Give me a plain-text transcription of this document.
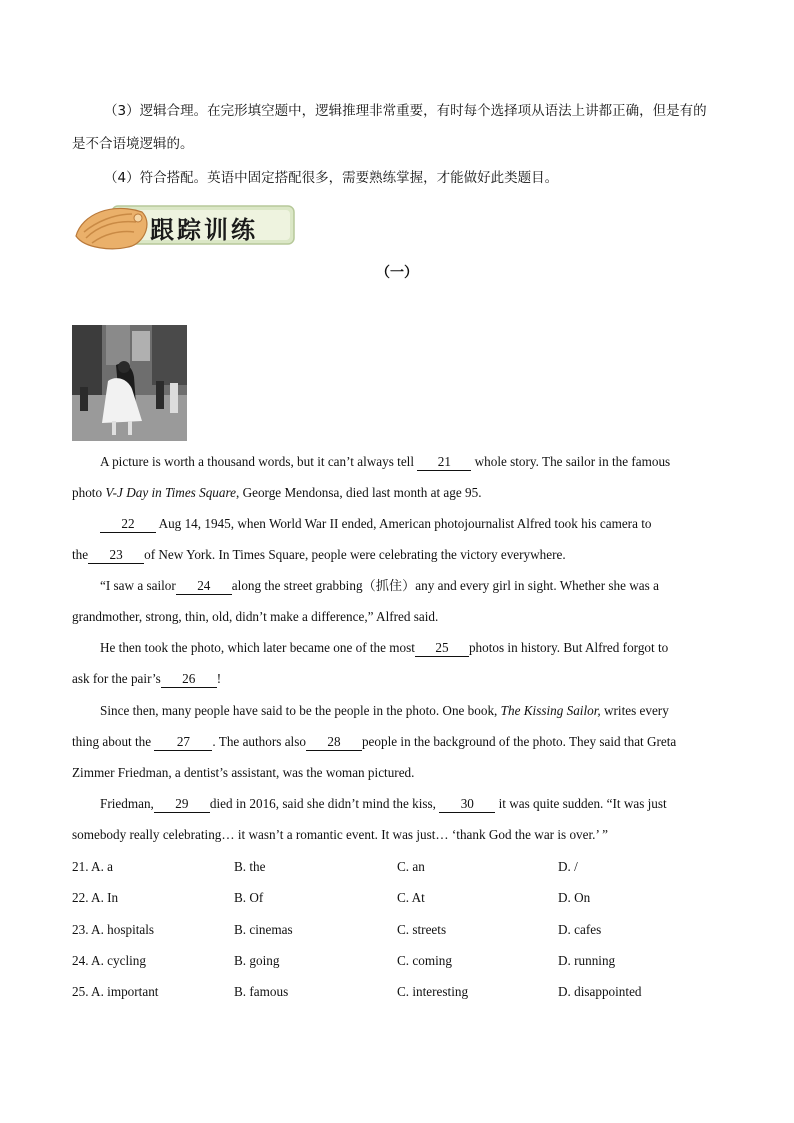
（3）逻辑合理。在完形填空题中，逻辑推理非常重要，有时每个选择项从语法上讲都正确，但是有的
是不合语境逻辑的。
（4）符合搭配。英语中固定搭配很多，需要熟练掌握，才能做好此类题目。
跟踪训练
（一）
A picture is worth a thousand words, but it can’t always tell 21 whole story. The sailor in the famous
photo V-J Day in Times Square, George Mendonsa, died last month at age 95.
22 Aug 14, 1945, when World War II ended, American photojournalist Alfred took his camera to
the 23 of New York. In Times Square, people were celebrating the victory everywhere.
“I saw a sailor 24 along the street grabbing（抓住）any and every girl in sight. Whether she was a
grandmother, strong, thin, old, didn’t make a difference,” Alfred said.
He then took the photo, which later became one of the most 25 photos in history. But Alfred forgot to
ask for the pair’s 26 !
Since then, many people have said to be the people in the photo. One book, The Kissing Sailor, writes every
thing about the 27 . The authors also 28 people in the background of the photo. They said that Greta
Zimmer Friedman, a dentist’s assistant, was the woman pictured.
Friedman, 29 died in 2016, said she didn’t mind the kiss, 30 it was quite sudden. “It was just
somebody really celebrating… it wasn’t a romantic event. It was just… ‘thank God the war is over.’ ”
21. A. a	B. the	C. an	D. /
22. A. In	B. Of	C. At	D. On
23. A. hospitals	B. cinemas	C. streets	D. cafes
24. A. cycling	B. going	C. coming	D. running
25. A. important	B. famous	C. interesting	D. disappointed
